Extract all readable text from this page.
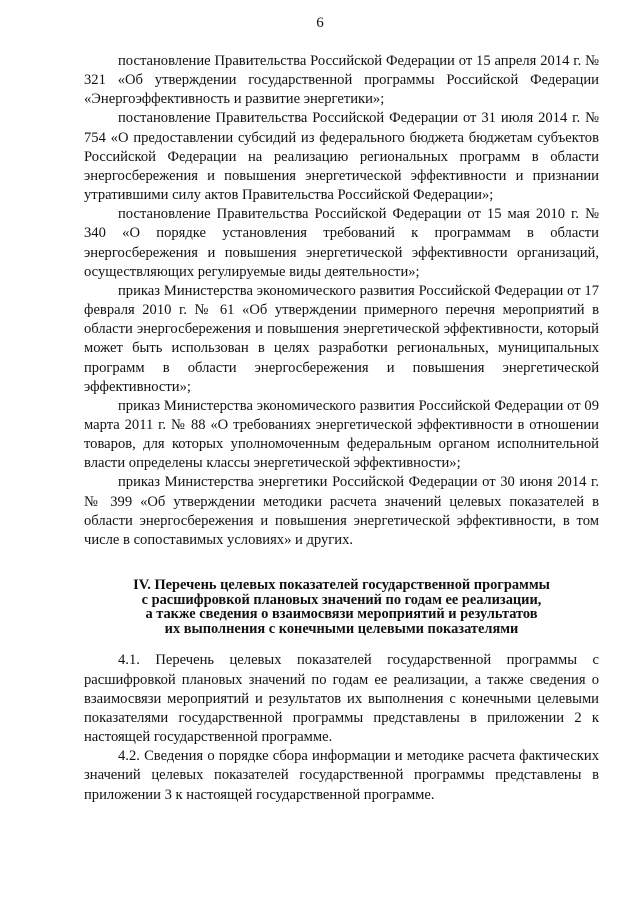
6

постановление Правительства Российской Федерации от 15 апреля 2014 г. № 321 «Об утверждении государственной программы Российской Федерации «Энергоэффективность и развитие энергетики»;

постановление Правительства Российской Федерации от 31 июля 2014 г. № 754 «О предоставлении субсидий из федерального бюджета бюджетам субъектов Российской Федерации на реализацию региональных программ в области энергосбережения и повышения энергетической эффективности и признании утратившими силу актов Правительства Российской Федерации»;

постановление Правительства Российской Федерации от 15 мая 2010 г. № 340 «О порядке установления требований к программам в области энергосбережения и повышения энергетической эффективности организаций, осуществляющих регулируемые виды деятельности»;

приказ Министерства экономического развития Российской Федерации от 17 февраля 2010 г. № 61 «Об утверждении примерного перечня мероприятий в области энергосбережения и повышения энергетической эффективности, который может быть использован в целях разработки региональных, муниципальных программ в области энергосбережения и повышения энергетической эффективности»;

приказ Министерства экономического развития Российской Федерации от 09 марта 2011 г. № 88 «О требованиях энергетической эффективности в отношении товаров, для которых уполномоченным федеральным органом исполнительной власти определены классы энергетической эффективности»;

приказ Министерства энергетики Российской Федерации от 30 июня 2014 г. № 399 «Об утверждении методики расчета значений целевых показателей в области энергосбережения и повышения энергетической эффективности, в том числе в сопоставимых условиях» и других.

IV. Перечень целевых показателей государственной программы
с расшифровкой плановых значений по годам ее реализации,
а также сведения о взаимосвязи мероприятий и результатов
их выполнения с конечными целевыми показателями

4.1. Перечень целевых показателей государственной программы с расшифровкой плановых значений по годам ее реализации, а также сведения о взаимосвязи мероприятий и результатов их выполнения с конечными целевыми показателями государственной программы представлены в приложении 2 к настоящей государственной программе.

4.2. Сведения о порядке сбора информации и методике расчета фактических значений целевых показателей государственной программы представлены в приложении 3 к настоящей государственной программе.
